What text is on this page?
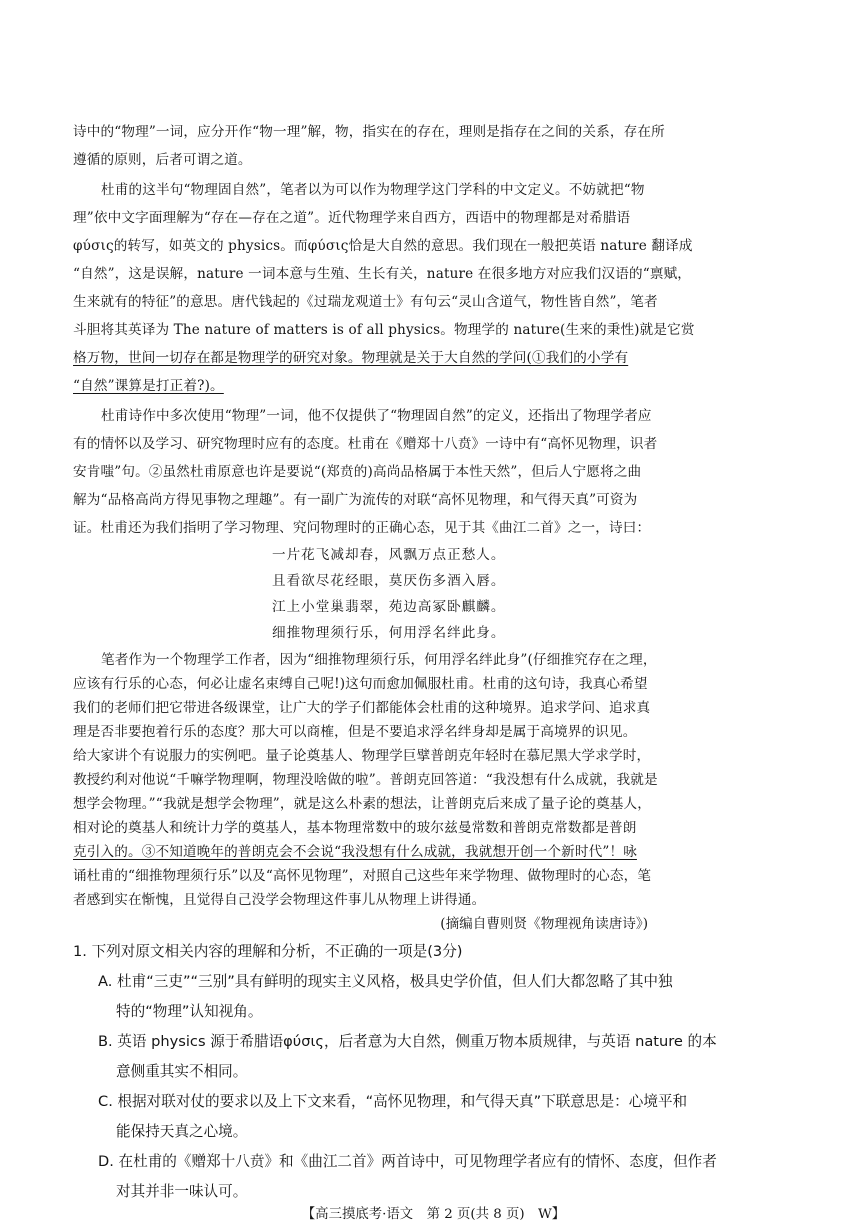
诗中的“物理”一词，应分开作“物一理”解，物，指实在的存在，理则是指存在之间的关系，存在所
遵循的原则，后者可谓之道。
杜甫的这半句“物理固自然”，笔者以为可以作为物理学这门学科的中文定义。不妨就把“物
理”依中文字面理解为“存在—存在之道”。近代物理学来自西方，西语中的物理都是对希腊语
φύσις的转写，如英文的 physics。而φύσις恰是大自然的意思。我们现在一般把英语 nature 翻译成
“自然”，这是误解，nature 一词本意与生殖、生长有关，nature 在很多地方对应我们汉语的“禀赋，
生来就有的特征”的意思。唐代钱起的《过瑞龙观道士》有句云“灵山含道气，物性皆自然”，笔者
斗胆将其英译为 The nature of matters is of all physics。物理学的 nature(生来的秉性)就是它赏
格万物，世间一切存在都是物理学的研究对象。物理就是关于大自然的学问(①我们的小学有
“自然”课算是打正着?)。
杜甫诗作中多次使用“物理”一词，他不仅提供了“物理固自然”的定义，还指出了物理学者应
有的情怀以及学习、研究物理时应有的态度。杜甫在《赠郑十八贲》一诗中有“高怀见物理，识者
安肯嗤”句。②虽然杜甫原意也许是要说“(郑贲的)高尚品格属于本性天然”，但后人宁愿将之曲
解为“品格高尚方得见事物之理趣”。有一副广为流传的对联“高怀见物理，和气得天真”可资为
证。杜甫还为我们指明了学习物理、究问物理时的正确心态，见于其《曲江二首》之一，诗曰：
一片花飞减却春，风飘万点正愁人。
且看欲尽花经眼，莫厌伤多酒入唇。
江上小堂巢翡翠，苑边高冢卧麒麟。
细推物理须行乐，何用浮名绊此身。
笔者作为一个物理学工作者，因为“细推物理须行乐，何用浮名绊此身”(仔细推究存在之理，
应该有行乐的心态，何必让虚名束缚自己呢!)这句而愈加佩服杜甫。杜甫的这句诗，我真心希望
我们的老师们把它带进各级课堂，让广大的学子们都能体会杜甫的这种境界。追求学问、追求真
理是否非要抱着行乐的态度？那大可以商榷，但是不要追求浮名绊身却是属于高境界的识见。
给大家讲个有说服力的实例吧。量子论奠基人、物理学巨擘普朗克年轻时在慕尼黑大学求学时，
教授约利对他说“千嘛学物理啊，物理没啥做的啦”。普朗克回答道：“我没想有什么成就，我就是
想学会物理。”“我就是想学会物理”，就是这么朴素的想法，让普朗克后来成了量子论的奠基人，
相对论的奠基人和统计力学的奠基人，基本物理常数中的玻尔兹曼常数和普朗克常数都是普朗
克引入的。③不知道晚年的普朗克会不会说“我没想有什么成就，我就想开创一个新时代”！咏
诵杜甫的“细推物理须行乐”以及“高怀见物理”，对照自己这些年来学物理、做物理时的心态，笔
者感到实在惭愧，且觉得自己没学会物理这件事儿从物理上讲得通。
(摘编自曹则贤《物理视角读唐诗》)
1. 下列对原文相关内容的理解和分析，不正确的一项是(3分)
A. 杜甫“三吏”“三别”具有鲜明的现实主义风格，极具史学价值，但人们大都忽略了其中独
特的“物理”认知视角。
B. 英语 physics 源于希腊语φύσις，后者意为大自然，侧重万物本质规律，与英语 nature 的本
意侧重其实不相同。
C. 根据对联对仗的要求以及上下文来看，“高怀见物理，和气得天真”下联意思是：心境平和
能保持天真之心境。
D. 在杜甫的《赠郑十八贲》和《曲江二首》两首诗中，可见物理学者应有的情怀、态度，但作者
对其并非一味认可。
【高三摸底考·语文　第 2 页(共 8 页)　W】
